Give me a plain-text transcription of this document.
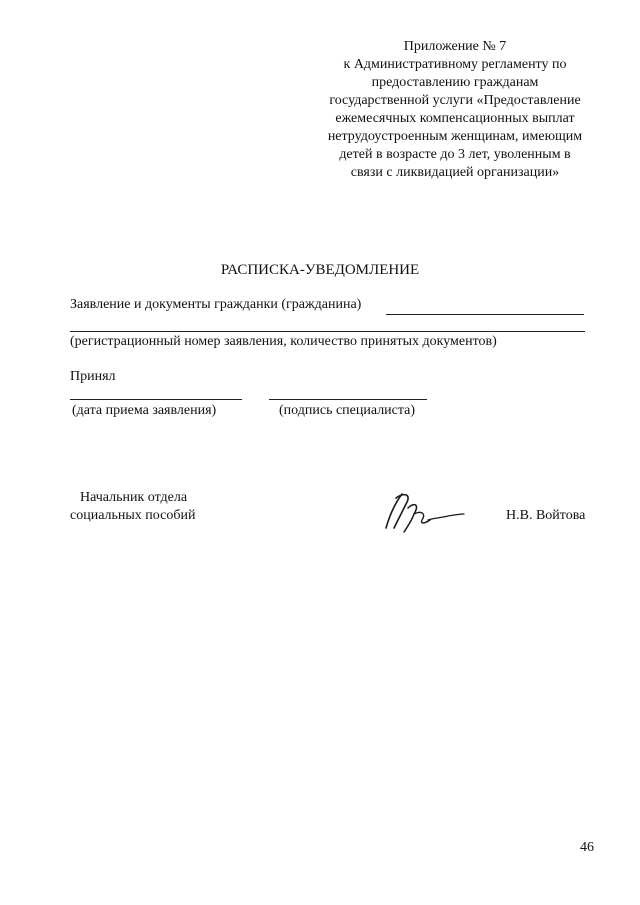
Приложение № 7
к Административному регламенту по
предоставлению гражданам
государственной услуги «Предоставление
ежемесячных компенсационных выплат
нетрудоустроенным женщинам, имеющим
детей в возрасте до 3 лет, уволенным в
связи с ликвидацией организации»
РАСПИСКА-УВЕДОМЛЕНИЕ
Заявление и документы гражданки (гражданина)
(регистрационный номер заявления, количество принятых документов)
Принял
(дата приема заявления)	(подпись специалиста)
Начальник отдела
социальных пособий	Н.В. Войтова
46
